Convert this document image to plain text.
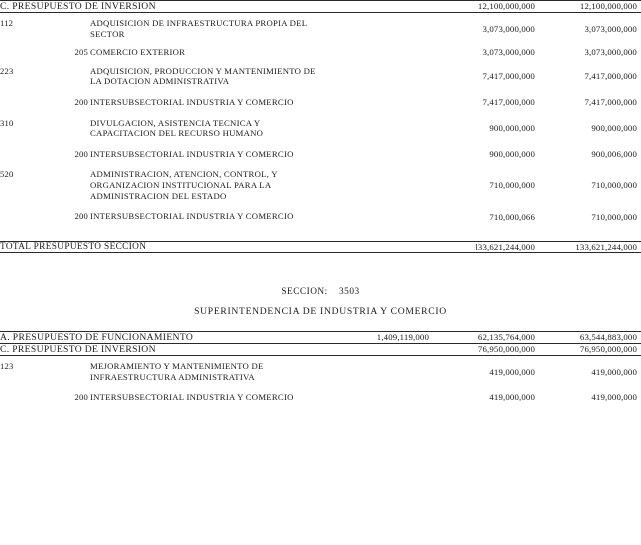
C. PRESUPUESTO DE INVERSION				12,100,000,000	12,100,000,000

112		ADQUISICION DE INFRAESTRUCTURA PROPIA DEL SECTOR		3,073,000,000	3,073,000,000
	205	COMERCIO EXTERIOR		3,073,000,000	3,073,000,000
223		ADQUISICION, PRODUCCION Y MANTENIMIENTO DE LA DOTACION ADMINISTRATIVA		7,417,000,000	7,417,000,000
	200	INTERSUBSECTORIAL INDUSTRIA Y COMERCIO		7,417,000,000	7,417,000,000
310		DIVULGACION, ASISTENCIA TECNICA Y CAPACITACION DEL RECURSO HUMANO		900,000,000	900,000,000
	200	INTERSUBSECTORIAL INDUSTRIA Y COMERCIO		900,000,000	900,006,000
520		ADMINISTRACION, ATENCION, CONTROL, Y ORGANIZACION INSTITUCIONAL PARA LA ADMINISTRACION DEL ESTADO		710,000,000	710,000,000
	200	INTERSUBSECTORIAL INDUSTRIA Y COMERCIO		710,000,066	710,000,000

TOTAL PRESUPUESTO SECCION				l33,621,244,000	133,621,244,000

SECCION: 3503
SUPERINTENDENCIA DE INDUSTRIA Y COMERCIO

A. PRESUPUESTO DE FUNCIONAMIENTO			1,409,119,000	62,135,764,000	63,544,883,000

C. PRESUPUESTO DE INVERSION				76,950,000,000	76,950,000,000

123		MEJORAMIENTO Y MANTENIMIENTO DE INFRAESTRUCTURA ADMINISTRATIVA		419,000,000	419,000,000
	200	INTERSUBSECTORIAL INDUSTRIA Y COMERCIO		419,000,000	419,000,000
